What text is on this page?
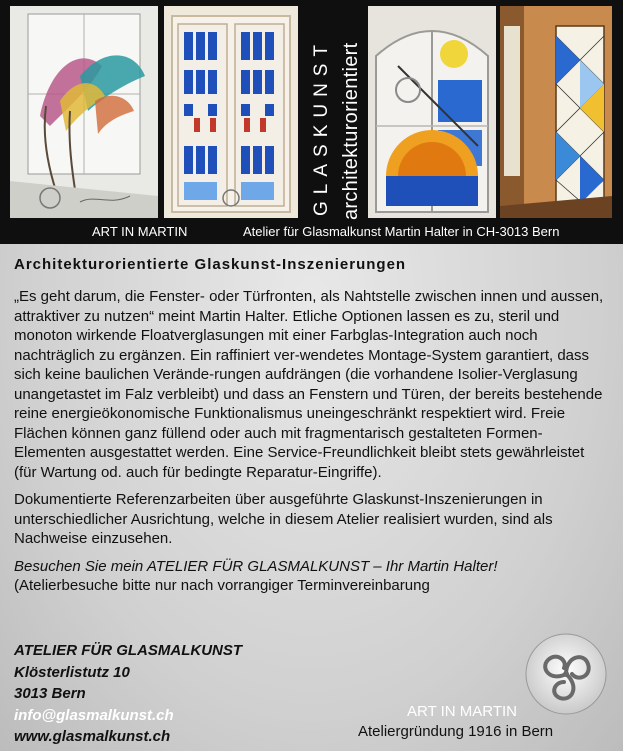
GLASKUNST architekturorientiert
ART IN MARTIN	Atelier für Glasmalkunst Martin Halter in CH-3013 Bern
Architekturorientierte Glaskunst-Inszenierungen

„Es geht darum, die Fenster- oder Türfronten, als Nahtstelle zwischen innen und aussen, attraktiver zu nutzen“ meint Martin Halter. Etliche Optionen lassen es zu, steril und monoton wirkende Floatverglasungen mit einer Farbglas-Integration auch noch nachträglich zu ergänzen. Ein raffiniert ver-wendetes Montage-System garantiert, dass sich keine baulichen Verände-rungen aufdrängen (die vorhandene Isolier-Verglasung unangetastet im Falz verbleibt) und dass an Fenstern und Türen, der bereits bestehende reine energieökonomische Funktionalismus uneingeschränkt respektiert wird. Freie Flächen können ganz füllend oder auch mit fragmentarisch gestalteten Formen-Elementen ausgestattet werden. Eine Service-Freundlichkeit bleibt stets gewährleistet (für Wartung od. auch für bedingte Reparatur-Eingriffe).

Dokumentierte Referenzarbeiten über ausgeführte Glaskunst-Inszenierungen in unterschiedlicher Ausrichtung, welche in diesem Atelier realisiert wurden, sind als Nachweise einzusehen.

Besuchen Sie mein ATELIER FÜR GLASMALKUNST – Ihr Martin Halter!

(Atelierbesuche bitte nur nach vorrangiger Terminvereinbarung

ATELIER FÜR GLASMALKUNST
Klösterlistutz 10
3013 Bern
info@glasmalkunst.ch
www.glasmalkunst.ch
ART IN MARTIN
Ateliergründung 1916 in Bern
